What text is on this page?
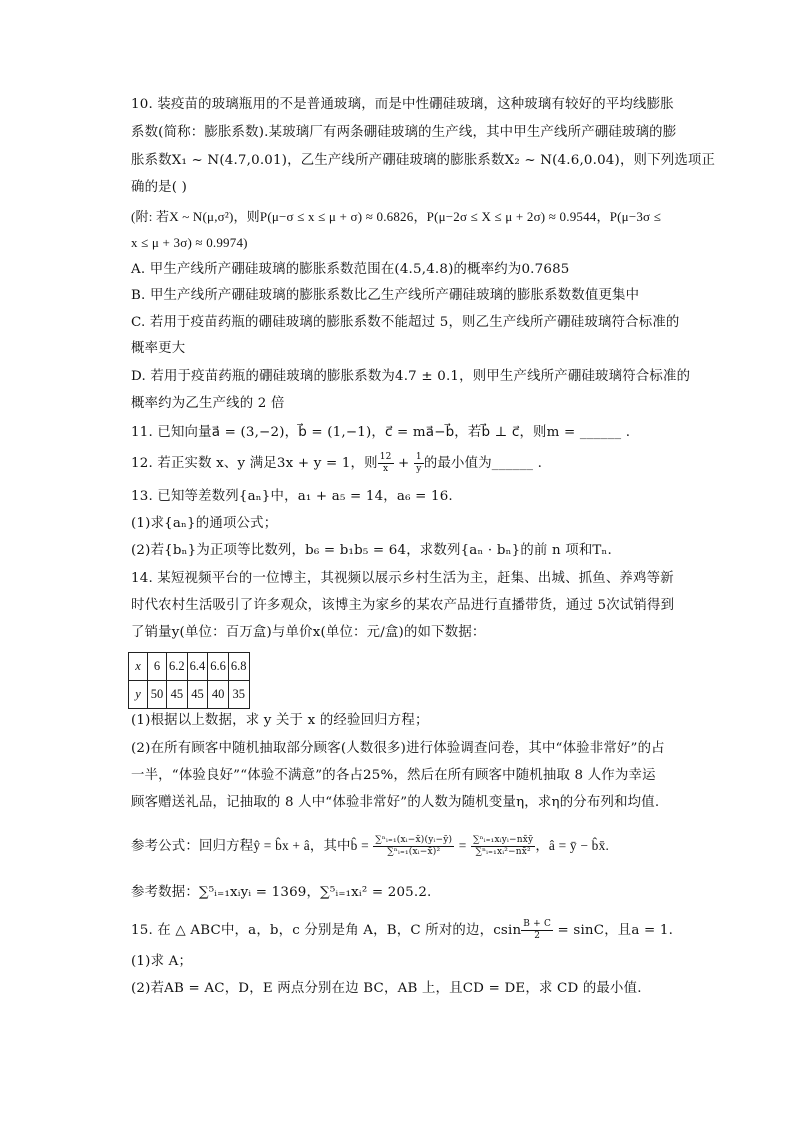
10. 装疫苗的玻璃瓶用的不是普通玻璃，而是中性硼硅玻璃，这种玻璃有较好的平均线膨胀
系数(简称：膨胀系数).某玻璃厂有两条硼硅玻璃的生产线，其中甲生产线所产硼硅玻璃的膨
胀系数X₁ ~ N(4.7,0.01)，乙生产线所产硼硅玻璃的膨胀系数X₂ ~ N(4.6,0.04)，则下列选项正
确的是( )
(附: 若X ~ N(μ,σ²)，则P(μ−σ ≤ x ≤ μ + σ) ≈ 0.6826，P(μ−2σ ≤ X ≤ μ + 2σ) ≈ 0.9544，P(μ−3σ ≤
x ≤ μ + 3σ) ≈ 0.9974)
A. 甲生产线所产硼硅玻璃的膨胀系数范围在(4.5,4.8)的概率约为0.7685
B. 甲生产线所产硼硅玻璃的膨胀系数比乙生产线所产硼硅玻璃的膨胀系数数值更集中
C. 若用于疫苗药瓶的硼硅玻璃的膨胀系数不能超过 5，则乙生产线所产硼硅玻璃符合标准的
概率更大
D. 若用于疫苗药瓶的硼硅玻璃的膨胀系数为4.7 ± 0.1，则甲生产线所产硼硅玻璃符合标准的
概率约为乙生产线的 2 倍
11. 已知向量a⃗ = (3,−2)，b⃗ = (1,−1)，c⃗ = ma⃗−b⃗，若b⃗ ⊥ c⃗，则m = ______ .
12. 若正实数 x、y 满足3x + y = 1，则 $\frac{12}{x} + \frac{1}{y}$ 的最小值为______ .
13. 已知等差数列{aₙ}中，a₁ + a₅ = 14，a₆ = 16.
(1)求{aₙ}的通项公式；
(2)若{bₙ}为正项等比数列，b₆ = b₁b₅ = 64，求数列{aₙ · bₙ}的前 n 项和Tₙ.
14. 某短视频平台的一位博主，其视频以展示乡村生活为主，赶集、出城、抓鱼、养鸡等新
时代农村生活吸引了许多观众，该博主为家乡的某农产品进行直播带货，通过 5次试销得到
了销量y(单位：百万盒)与单价x(单位：元/盒)的如下数据：
x	6	6.2	6.4	6.6	6.8
y	50	45	45	40	35
(1)根据以上数据，求 y 关于 x 的经验回归方程；
(2)在所有顾客中随机抽取部分顾客(人数很多)进行体验调查问卷，其中“体验非常好”的占
一半，“体验良好”“体验不满意”的各占25%，然后在所有顾客中随机抽取 8 人作为幸运
顾客赠送礼品，记抽取的 8 人中“体验非常好”的人数为随机变量η，求η的分布列和均值.
参考公式：回归方程ŷ = b̂x + â，其中b̂ = $\frac{\text{∑ⁿᵢ₌₁(xᵢ−x̄)(yᵢ−ȳ)}}{\text{∑ⁿᵢ₌₁(xᵢ−x̄)²}} = \frac{\text{∑ⁿᵢ₌₁xᵢyᵢ−nx̄ȳ}}{\text{∑ⁿᵢ₌₁xᵢ²−nx̄²}}$ ，â = ȳ − b̂x̄.
参考数据：∑⁵ᵢ₌₁xᵢyᵢ = 1369，∑⁵ᵢ₌₁xᵢ² = 205.2.
15. 在 △ ABC中，a，b，c 分别是角 A，B，C 所对的边，csin $\frac{B + C}{2} = \sin C$，且a = 1.
(1)求 A；
(2)若AB = AC，D，E 两点分别在边 BC，AB 上，且CD = DE，求 CD 的最小值.
